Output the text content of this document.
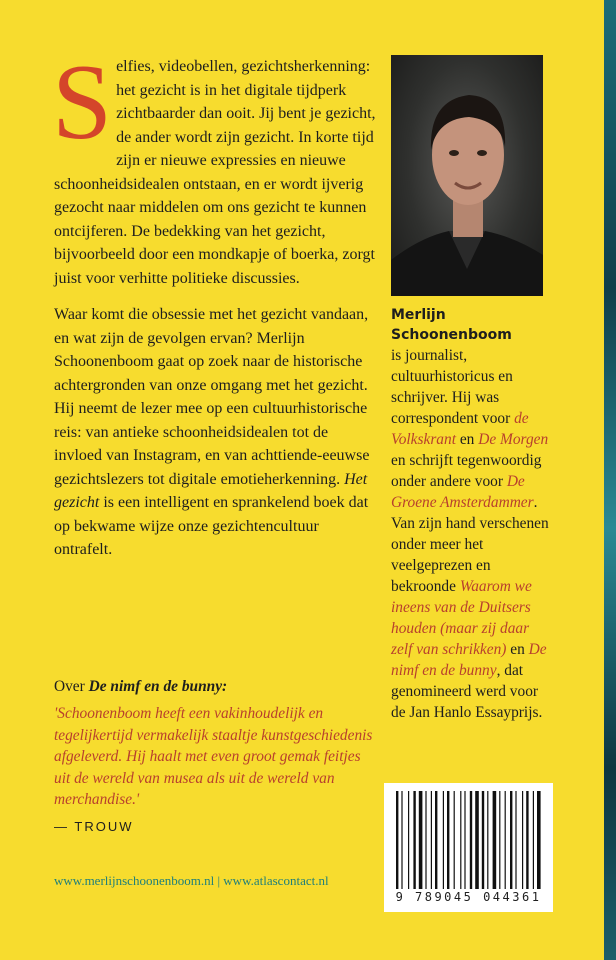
Selfies, videobellen, gezichtsherkenning: het gezicht is in het digitale tijdperk zichtbaarder dan ooit. Jij bent je gezicht, de ander wordt zijn gezicht. In korte tijd zijn er nieuwe expressies en nieuwe schoonheidsidealen ontstaan, en er wordt ijverig gezocht naar middelen om ons gezicht te kunnen ontcijferen. De bedekking van het gezicht, bijvoorbeeld door een mondkapje of boerka, zorgt juist voor verhitte politieke discussies.

Waar komt die obsessie met het gezicht vandaan, en wat zijn de gevolgen ervan? Merlijn Schoonenboom gaat op zoek naar de historische achtergronden van onze omgang met het gezicht. Hij neemt de lezer mee op een cultuurhistorische reis: van antieke schoonheidsidealen tot de invloed van Instagram, en van achttiende-eeuwse gezichtslezers tot digitale emotieherkenning. Het gezicht is een intelligent en sprankelend boek dat op bekwame wijze onze gezichtencultuur ontrafelt.

Merlijn Schoonenboom
is journalist, cultuurhistoricus en schrijver. Hij was correspondent voor de Volkskrant en De Morgen en schrijft tegenwoordig onder andere voor De Groene Amsterdammer. Van zijn hand verschenen onder meer het veelgeprezen en bekroonde Waarom we ineens van de Duitsers houden (maar zij daar zelf van schrikken) en De nimf en de bunny, dat genomineerd werd voor de Jan Hanlo Essayprijs.
Over De nimf en de bunny:
'Schoonenboom heeft een vakinhoudelijk en tegelijkertijd vermakelijk staaltje kunstgeschiedenis afgeleverd. Hij haalt met even groot gemak feitjes uit de wereld van musea als uit de wereld van merchandise.'
— TROUW
www.merlijnschoonenboom.nl | www.atlascontact.nl
9 789045 044361
